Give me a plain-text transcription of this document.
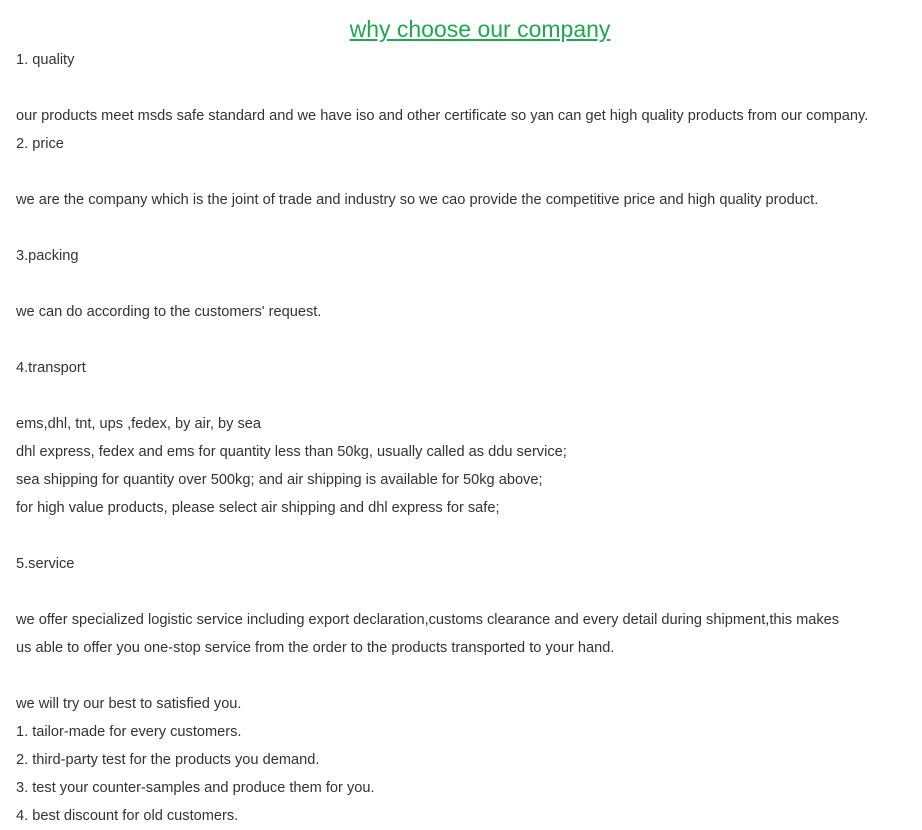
why choose our company
1. quality
our products meet msds safe standard and we have iso and other certificate so yan can get high quality products from our company.
2. price
we are the company which is the joint of trade and industry so we cao provide the competitive price and high quality product.
3.packing
we can do according to the customers' request.
4.transport
ems,dhl, tnt, ups ,fedex, by air, by sea
dhl express, fedex and ems for quantity less than 50kg, usually called as ddu service;
sea shipping for quantity over 500kg; and air shipping is available for 50kg above;
for high value products, please select air shipping and dhl express for safe;
5.service
we offer specialized logistic service including export declaration,customs clearance and every detail during shipment,this makes
us able to offer you one-stop service from the order to the products transported to your hand.
we will try our best to satisfied you.
1. tailor-made for every customers.
2. third-party test for the products you demand.
3. test your counter-samples and produce them for you.
4. best discount for old customers.
